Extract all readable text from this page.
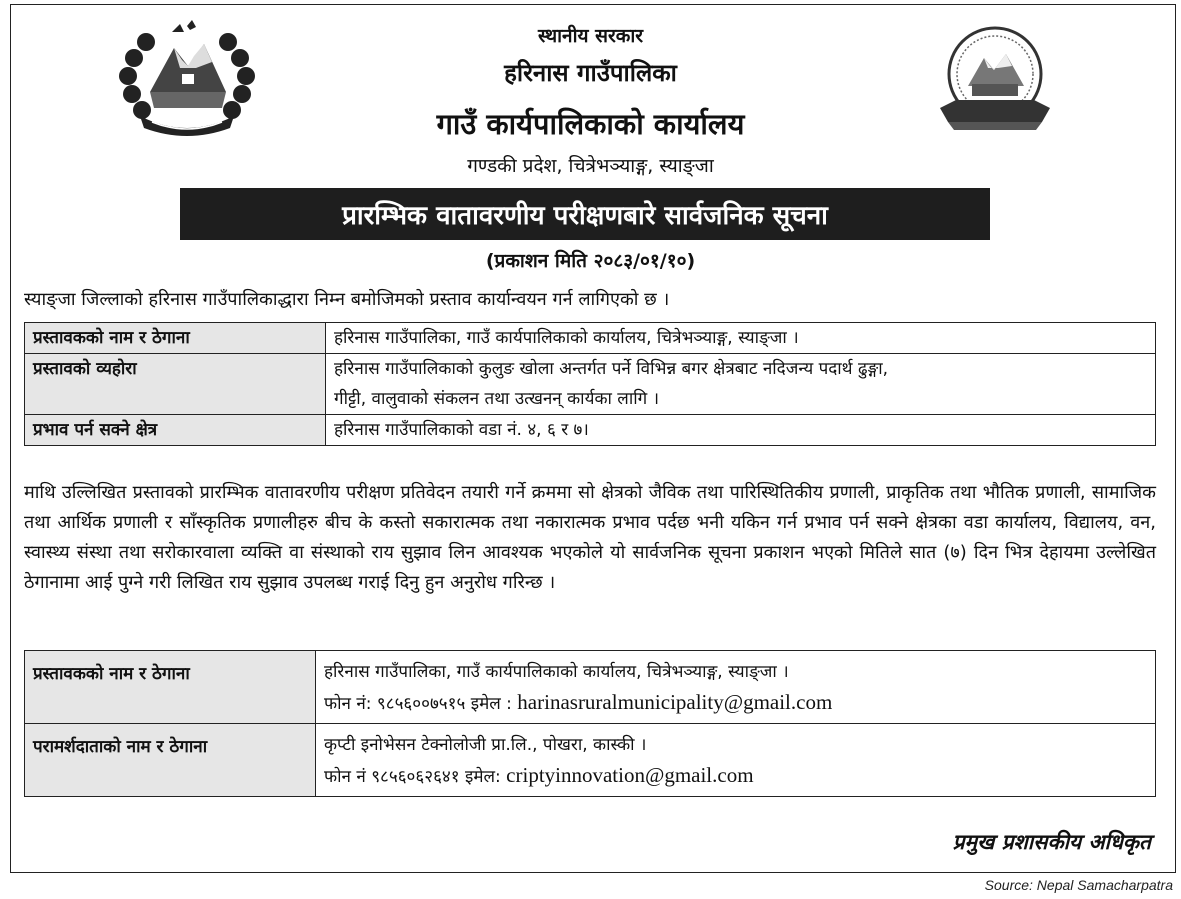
स्थानीय सरकार
हरिनास गाउँपालिका
गाउँ कार्यपालिकाको कार्यालय
गण्डकी प्रदेश, चित्रेभञ्याङ्ग, स्याङ्जा
प्रारम्भिक वातावरणीय परीक्षणबारे सार्वजनिक सूचना
(प्रकाशन मिति २०८३/०१/१०)
स्याङ्जा जिल्लाको हरिनास गाउँपालिकाद्धारा निम्न बमोजिमको प्रस्ताव कार्यान्वयन गर्न लागिएको छ ।
प्रस्तावकको नाम र ठेगाना	हरिनास गाउँपालिका, गाउँ कार्यपालिकाको कार्यालय, चित्रेभञ्याङ्ग, स्याङ्जा ।

प्रस्तावको व्यहोरा	हरिनास गाउँपालिकाको कुलुङ खोला अन्तर्गत पर्ने विभिन्न बगर क्षेत्रबाट नदिजन्य पदार्थ ढुङ्गा,
गीट्टी, वालुवाको संकलन तथा उत्खनन् कार्यका लागि ।

प्रभाव पर्न सक्ने क्षेत्र	हरिनास गाउँपालिकाको वडा नं. ४, ६ र ७।
माथि उल्लिखित प्रस्तावको प्रारम्भिक वातावरणीय परीक्षण प्रतिवेदन तयारी गर्ने क्रममा सो क्षेत्रको जैविक तथा पारिस्थितिकीय प्रणाली, प्राकृतिक तथा भौतिक प्रणाली, सामाजिक तथा आर्थिक प्रणाली र साँस्कृतिक प्रणालीहरु बीच के कस्तो सकारात्मक तथा नकारात्मक प्रभाव पर्दछ भनी यकिन गर्न प्रभाव पर्न सक्ने क्षेत्रका वडा कार्यालय, विद्यालय, वन, स्वास्थ्य संस्था तथा सरोकारवाला व्यक्ति वा संस्थाको राय सुझाव लिन आवश्यक भएकोले यो सार्वजनिक सूचना प्रकाशन भएको मितिले सात (७) दिन भित्र देहायमा उल्लेखित ठेगानामा आई पुग्ने गरी लिखित राय सुझाव उपलब्ध गराई दिनु हुन अनुरोध गरिन्छ ।
प्रस्तावकको नाम र ठेगाना	हरिनास गाउँपालिका, गाउँ कार्यपालिकाको कार्यालय, चित्रेभञ्याङ्ग, स्याङ्जा ।
फोन नं: ९८५६००७५१५ इमेल : harinasruralmunicipality@gmail.com

परामर्शदाताको नाम र ठेगाना	कृप्टी इनोभेसन टेक्नोलोजी प्रा.लि., पोखरा, कास्की ।
फोन नं ९८५६०६२६४१ इमेल: criptyinnovation@gmail.com
प्रमुख प्रशासकीय अधिकृत
Source: Nepal Samacharpatra
